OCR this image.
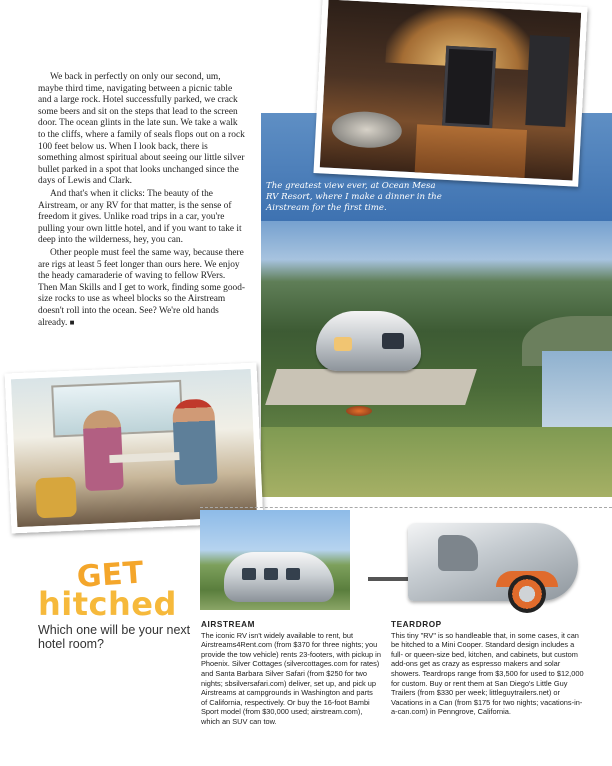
We back in perfectly on only our second, um, maybe third time, navigating between a picnic table and a large rock. Hotel successfully parked, we crack some beers and sit on the steps that lead to the screen door. The ocean glints in the late sun. We take a walk to the cliffs, where a family of seals flops out on a rock 100 feet below us. When I look back, there is something almost spiritual about seeing our little silver bullet parked in a spot that looks unchanged since the days of Lewis and Clark.

And that's when it clicks: The beauty of the Airstream, or any RV for that matter, is the sense of freedom it gives. Unlike road trips in a car, you're pulling your own little hotel, and if you want to take it deep into the wilderness, hey, you can.

Other people must feel the same way, because there are rigs at least 5 feet longer than ours here. We enjoy the heady camaraderie of waving to fellow RVers. Then Man Skills and I get to work, finding some good-size rocks to use as wheel blocks so the Airstream doesn't roll into the ocean. See? We're old hands already. ■

The greatest view ever, at Ocean Mesa RV Resort, where I make a dinner in the Airstream for the first time.
GET
hitched
Which one will be your next hotel room?
AIRSTREAM
The iconic RV isn't widely available to rent, but Airstreams4Rent.com (from $370 for three nights; you provide the tow vehicle) rents 23-footers, with pickup in Phoenix. Silver Cottages (silvercottages.com for rates) and Santa Barbara Silver Safari (from $250 for two nights; sbsilversafari.com) deliver, set up, and pick up Airstreams at campgrounds in Washington and parts of California, respectively. Or buy the 16-foot Bambi Sport model (from $30,000 used; airstream.com), which an SUV can tow.
TEARDROP
This tiny "RV" is so handleable that, in some cases, it can be hitched to a Mini Cooper. Standard design includes a full- or queen-size bed, kitchen, and cabinets, but custom add-ons get as crazy as espresso makers and solar showers. Teardrops range from $3,500 for used to $12,000 for custom. Buy or rent them at San Diego's Little Guy Trailers (from $330 per week; littleguytrailers.net) or Vacations in a Can (from $175 for two nights; vacations-in-a-can.com) in Penngrove, California.
